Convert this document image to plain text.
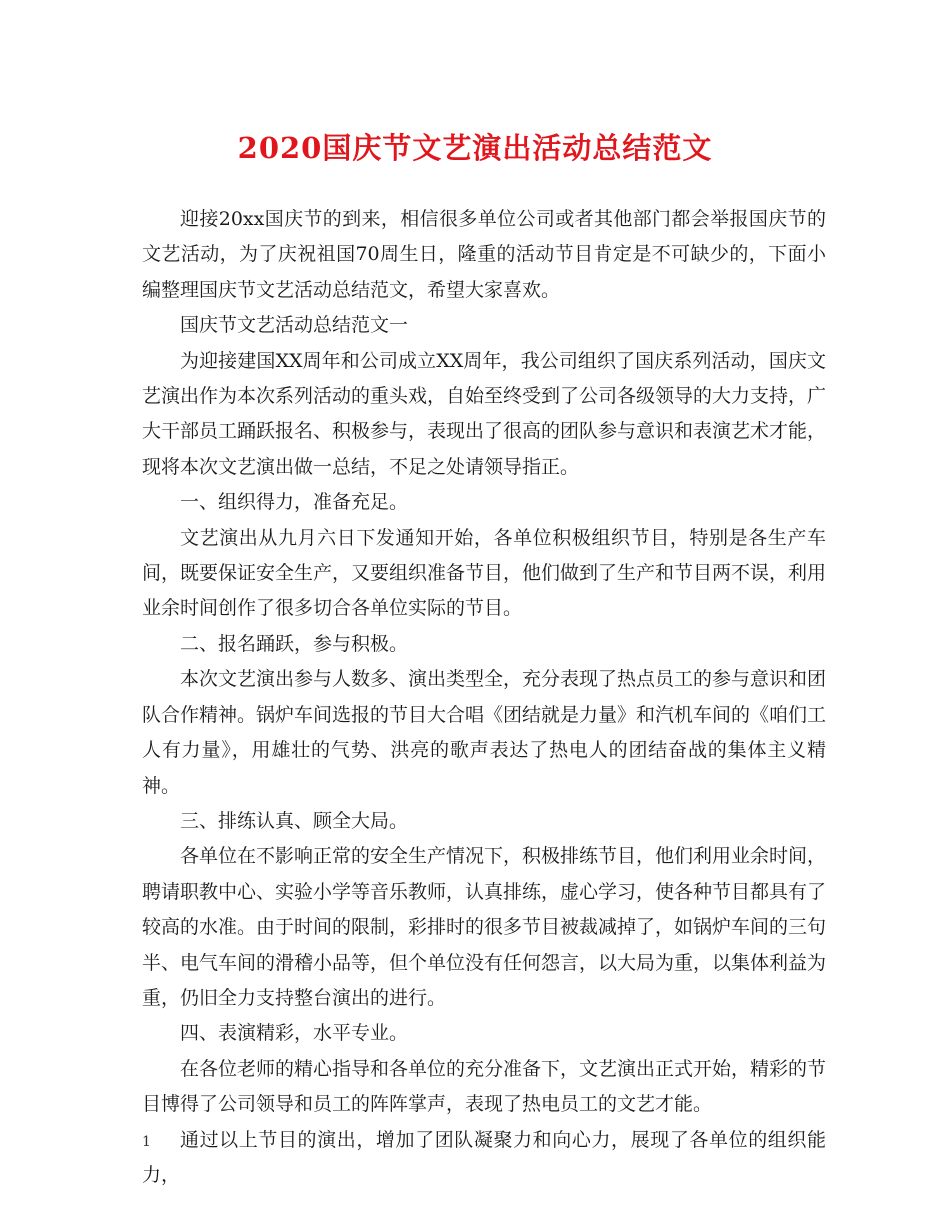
2020国庆节文艺演出活动总结范文

迎接20xx国庆节的到来，相信很多单位公司或者其他部门都会举报国庆节的文艺活动，为了庆祝祖国70周生日，隆重的活动节目肯定是不可缺少的，下面小编整理国庆节文艺活动总结范文，希望大家喜欢。

国庆节文艺活动总结范文一

为迎接建国XX周年和公司成立XX周年，我公司组织了国庆系列活动，国庆文艺演出作为本次系列活动的重头戏，自始至终受到了公司各级领导的大力支持，广大干部员工踊跃报名、积极参与，表现出了很高的团队参与意识和表演艺术才能，现将本次文艺演出做一总结，不足之处请领导指正。

一、组织得力，准备充足。

文艺演出从九月六日下发通知开始，各单位积极组织节目，特别是各生产车间，既要保证安全生产，又要组织准备节目，他们做到了生产和节目两不误，利用业余时间创作了很多切合各单位实际的节目。

二、报名踊跃，参与积极。

本次文艺演出参与人数多、演出类型全，充分表现了热点员工的参与意识和团队合作精神。锅炉车间选报的节目大合唱《团结就是力量》和汽机车间的《咱们工人有力量》，用雄壮的气势、洪亮的歌声表达了热电人的团结奋战的集体主义精神。

三、排练认真、顾全大局。

各单位在不影响正常的安全生产情况下，积极排练节目，他们利用业余时间，聘请职教中心、实验小学等音乐教师，认真排练，虚心学习，使各种节目都具有了较高的水准。由于时间的限制，彩排时的很多节目被裁减掉了，如锅炉车间的三句半、电气车间的滑稽小品等，但个单位没有任何怨言，以大局为重，以集体利益为重，仍旧全力支持整台演出的进行。

四、表演精彩，水平专业。

在各位老师的精心指导和各单位的充分准备下，文艺演出正式开始，精彩的节目博得了公司领导和员工的阵阵掌声，表现了热电员工的文艺才能。

通过以上节目的演出，增加了团队凝聚力和向心力，展现了各单位的组织能力，

1
